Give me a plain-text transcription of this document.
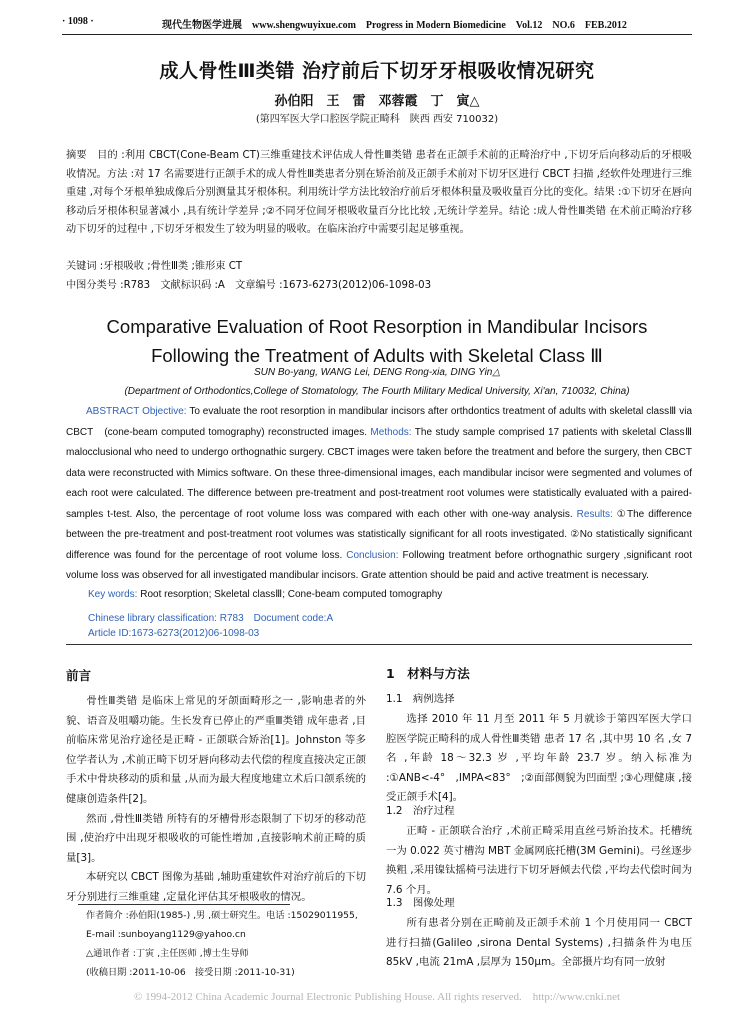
· 1098 ·	现代生物医学进展　www.shengwuyixue.com　Progress in Modern Biomedicine　Vol.12　NO.6　FEB.2012
成人骨性Ⅲ类错 治疗前后下切牙牙根吸收情况研究
孙伯阳　王　雷　邓蓉霞　丁　寅△
(第四军医大学口腔医学院正畸科　陕西 西安 710032)
摘要　目的 :利用 CBCT(Cone-Beam CT)三维重建技术评估成人骨性Ⅲ类错 患者在正颌手术前的正畸治疗中 ,下切牙后向移动后的牙根吸收情况。方法 :对 17 名需要进行正颌手术的成人骨性Ⅲ类患者分别在矫治前及正颌手术前对下切牙区进行 CBCT 扫描 ,经软件处理进行三维重建 ,对每个牙根单独成像后分别测量其牙根体积。利用统计学方法比较治疗前后牙根体积量及吸收量百分比的变化。结果 :①下切牙在唇向移动后牙根体积显著减小 ,具有统计学差异 ;②不同牙位间牙根吸收量百分比比较 ,无统计学差异。结论 :成人骨性Ⅲ类错 在术前正畸治疗移动下切牙的过程中 ,下切牙牙根发生了较为明显的吸收。在临床治疗中需要引起足够重视。
关键词 :牙根吸收 ;骨性Ⅲ类 ;锥形束 CT
中图分类号 :R783　文献标识码 :A　文章编号 :1673-6273(2012)06-1098-03
Comparative Evaluation of Root Resorption in Mandibular Incisors
Following the Treatment of Adults with Skeletal Class Ⅲ
SUN Bo-yang, WANG Lei, DENG Rong-xia, DING Yin△
(Department of Orthodontics,College of Stomatology, The Fourth Military Medical University, Xi'an, 710032, China)
ABSTRACT Objective: To evaluate the root resorption in mandibular incisors after orthdontics treatment of adults with skeletal classⅢ via CBCT　(cone-beam computed tomography) reconstructed images. Methods: The study sample comprised 17 patients with skeletal ClassⅢ malocclusional who need to undergo orthognathic surgery. CBCT images were taken before the treatment and before the surgery, then CBCT data were reconstructed with Mimics software. On these three-dimensional images, each mandibular incisor were segmented and volumes of each root were calculated. The difference between pre-treatment and post-treatment root volumes were statistically evaluated with a paired-samples t-test. Also, the percentage of root volume loss was compared with each other with one-way analysis. Results: ①The difference between the pre-treatment and post-treatment root volumes was statistically significant for all roots investigated. ②No statistically significant difference was found for the percentage of root volume loss. Conclusion: Following treatment before orthognathic surgery ,significant root volume loss was observed for all investigated mandibular incisors. Grate attention should be paid and active treatment is necessary.
Key words: Root resorption; Skeletal classⅢ; Cone-beam computed tomography
Chinese library classification: R783　Document code:A
Article ID:1673-6273(2012)06-1098-03
前言

骨性Ⅲ类错 是临床上常见的牙颌面畸形之一 ,影响患者的外貌、语音及咀嚼功能。生长发育已停止的严重Ⅲ类错 成年患者 ,目前临床常见治疗途径是正畸 - 正颌联合矫治[1]。Johnston 等多位学者认为 ,术前正畸下切牙唇向移动去代偿的程度直接决定正颌手术中骨块移动的质和量 ,从而为最大程度地建立术后口颌系统的健康创造条件[2]。

然而 ,骨性Ⅲ类错 所特有的牙槽骨形态限制了下切牙的移动范围 ,使治疗中出现牙根吸收的可能性增加 ,直接影响术前正畸的质量[3]。

本研究以 CBCT 图像为基础 ,辅助重建软件对治疗前后的下切牙分别进行三维重建 ,定量化评估其牙根吸收的情况。

作者简介 :孙伯阳(1985-) ,男 ,硕士研究生。电话 :15029011955,
E-mail :sunboyang1129@yahoo.cn
△通讯作者 :丁寅 ,主任医师 ,博士生导师
(收稿日期 :2011-10-06　接受日期 :2011-10-31)
1　材料与方法
1.1　病例选择
选择 2010 年 11 月至 2011 年 5 月就诊于第四军医大学口腔医学院正畸科的成人骨性Ⅲ类错 患者 17 名 ,其中男 10 名 ,女 7 名 ,年龄 18～32.3 岁 ,平均年龄 23.7 岁。纳入标准为 :①ANB<-4°　,IMPA<83°　;②面部侧貌为凹面型 ;③心理健康 ,接受正颌手术[4]。
1.2　治疗过程
正畸 - 正颌联合治疗 ,术前正畸采用直丝弓矫治技术。托槽统一为 0.022 英寸槽沟 MBT 金属网底托槽(3M Gemini)。弓丝逐步换粗 ,采用镍钛摇椅弓法进行下切牙唇倾去代偿 ,平均去代偿时间为 7.6 个月。
1.3　图像处理
所有患者分别在正畸前及正颌手术前 1 个月使用同一 CBCT 进行扫描(Galileo ,sirona Dental Systems) ,扫描条件为电压 85kV ,电流 21mA ,层厚为 150μm。全部摄片均有同一放射
© 1994-2012 China Academic Journal Electronic Publishing House. All rights reserved.　http://www.cnki.net
